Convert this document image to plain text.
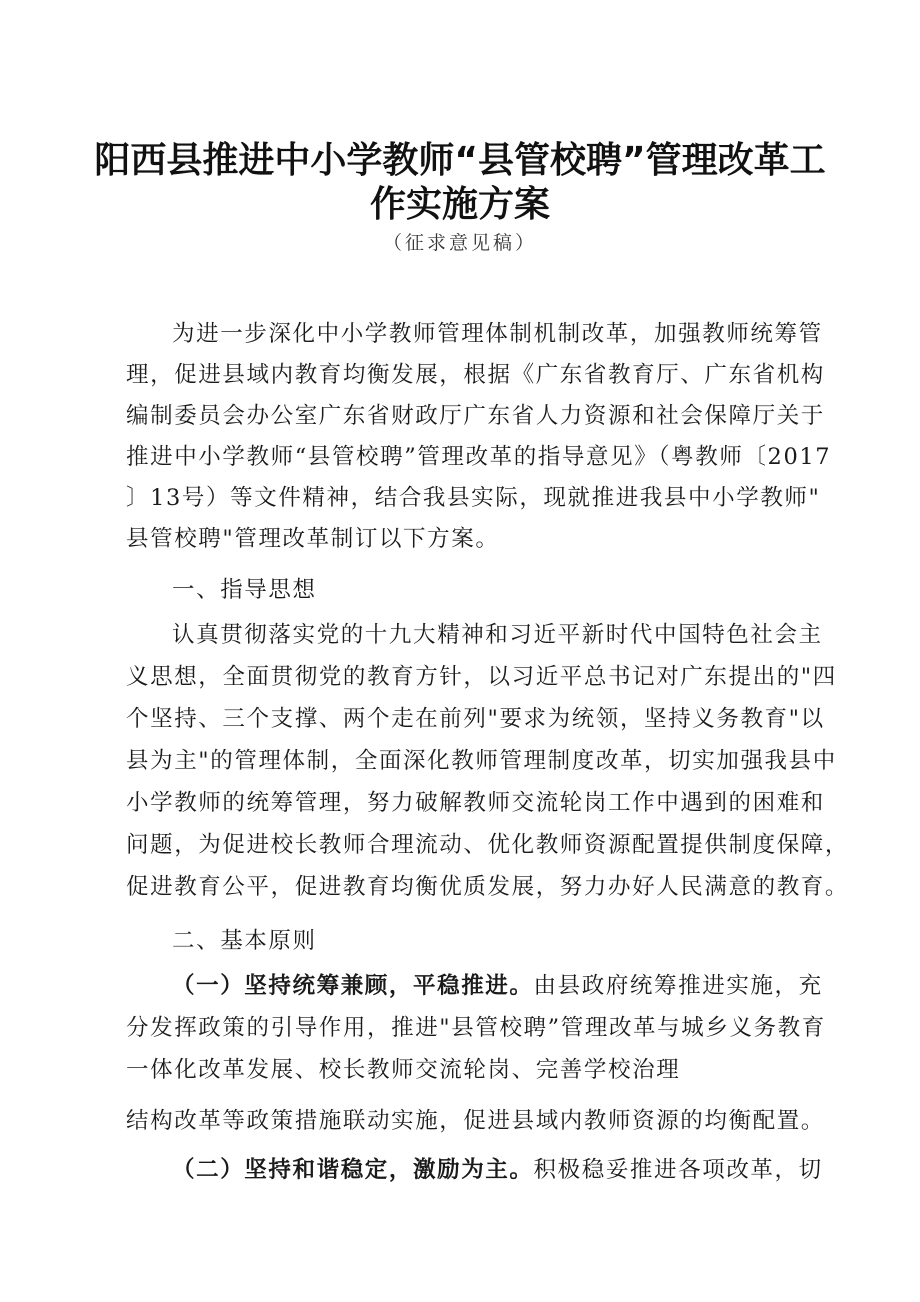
阳西县推进中小学教师“县管校聘”管理改革工
作实施方案
（征求意见稿）
为进一步深化中小学教师管理体制机制改革，加强教师统筹管
理，促进县域内教育均衡发展，根据《广东省教育厅、广东省机构
编制委员会办公室广东省财政厅广东省人力资源和社会保障厅关于
推进中小学教师“县管校聘”管理改革的指导意见》（粤教师〔2017
〕13号）等文件精神，结合我县实际，现就推进我县中小学教师"
县管校聘"管理改革制订以下方案。
一、指导思想
认真贯彻落实党的十九大精神和习近平新时代中国特色社会主
义思想，全面贯彻党的教育方针，以习近平总书记对广东提出的"四
个坚持、三个支撑、两个走在前列"要求为统领，坚持义务教育"以
县为主"的管理体制，全面深化教师管理制度改革，切实加强我县中
小学教师的统筹管理，努力破解教师交流轮岗工作中遇到的困难和
问题，为促进校长教师合理流动、优化教师资源配置提供制度保障，
促进教育公平，促进教育均衡优质发展，努力办好人民满意的教育。
二、基本原则
（一）坚持统筹兼顾，平稳推进。由县政府统筹推进实施，充
分发挥政策的引导作用，推进"县管校聘”管理改革与城乡义务教育
一体化改革发展、校长教师交流轮岗、完善学校治理
结构改革等政策措施联动实施，促进县域内教师资源的均衡配置。
（二）坚持和谐稳定，激励为主。积极稳妥推进各项改革，切
